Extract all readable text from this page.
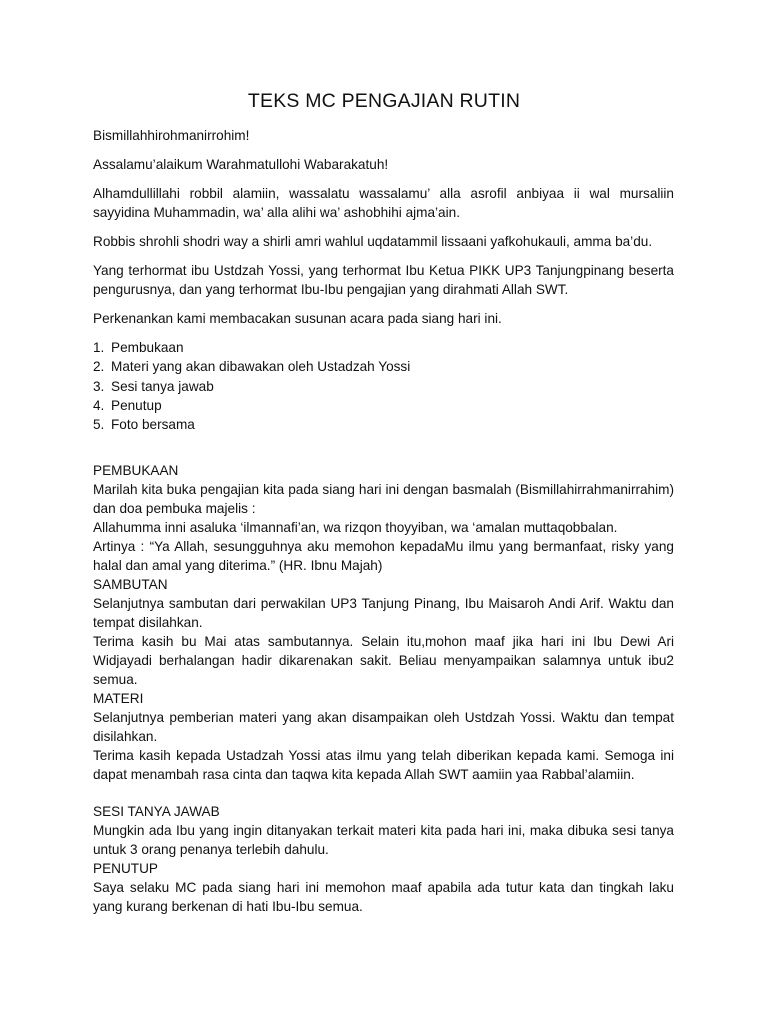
TEKS MC PENGAJIAN RUTIN

Bismillahhirohmanirrohim!

Assalamu’alaikum Warahmatullohi Wabarakatuh!

Alhamdullillahi robbil alamiin, wassalatu wassalamu’ alla asrofil anbiyaa ii wal mursaliin sayyidina Muhammadin, wa’ alla alihi wa’ ashobhihi ajma’ain.

Robbis shrohli shodri way a shirli amri wahlul uqdatammil lissaani yafkohukauli, amma ba’du.

Yang terhormat ibu Ustdzah Yossi, yang terhormat Ibu Ketua PIKK UP3 Tanjungpinang beserta pengurusnya, dan yang terhormat Ibu-Ibu pengajian yang dirahmati Allah SWT.

Perkenankan kami membacakan susunan acara pada siang hari ini.

1. Pembukaan
2. Materi yang akan dibawakan oleh Ustadzah Yossi
3. Sesi tanya jawab
4. Penutup
5. Foto bersama
PEMBUKAAN

Marilah kita buka pengajian kita pada siang hari ini dengan basmalah (Bismillahirrahmanirrahim) dan doa pembuka majelis :

Allahumma inni asaluka ‘ilmannafi’an, wa rizqon thoyyiban, wa ‘amalan muttaqobbalan.

Artinya : “Ya Allah, sesungguhnya aku memohon kepadaMu ilmu yang bermanfaat, risky yang halal dan amal yang diterima.” (HR. Ibnu Majah)

SAMBUTAN

Selanjutnya sambutan dari perwakilan UP3 Tanjung Pinang, Ibu Maisaroh Andi Arif. Waktu dan tempat disilahkan.

Terima kasih bu Mai atas sambutannya. Selain itu,mohon maaf jika hari ini Ibu Dewi Ari Widjayadi berhalangan hadir dikarenakan sakit. Beliau menyampaikan salamnya untuk ibu2 semua.

MATERI

Selanjutnya pemberian materi yang akan disampaikan oleh Ustdzah Yossi. Waktu dan tempat disilahkan.

Terima kasih kepada Ustadzah Yossi atas ilmu yang telah diberikan kepada kami. Semoga ini dapat menambah rasa cinta dan taqwa kita kepada Allah SWT aamiin yaa Rabbal’alamiin.

SESI TANYA JAWAB

Mungkin ada Ibu yang ingin ditanyakan terkait materi kita pada hari ini, maka dibuka sesi tanya untuk 3 orang penanya terlebih dahulu.

PENUTUP

Saya selaku MC pada siang hari ini memohon maaf apabila ada tutur kata dan tingkah laku yang kurang berkenan di hati Ibu-Ibu semua.
